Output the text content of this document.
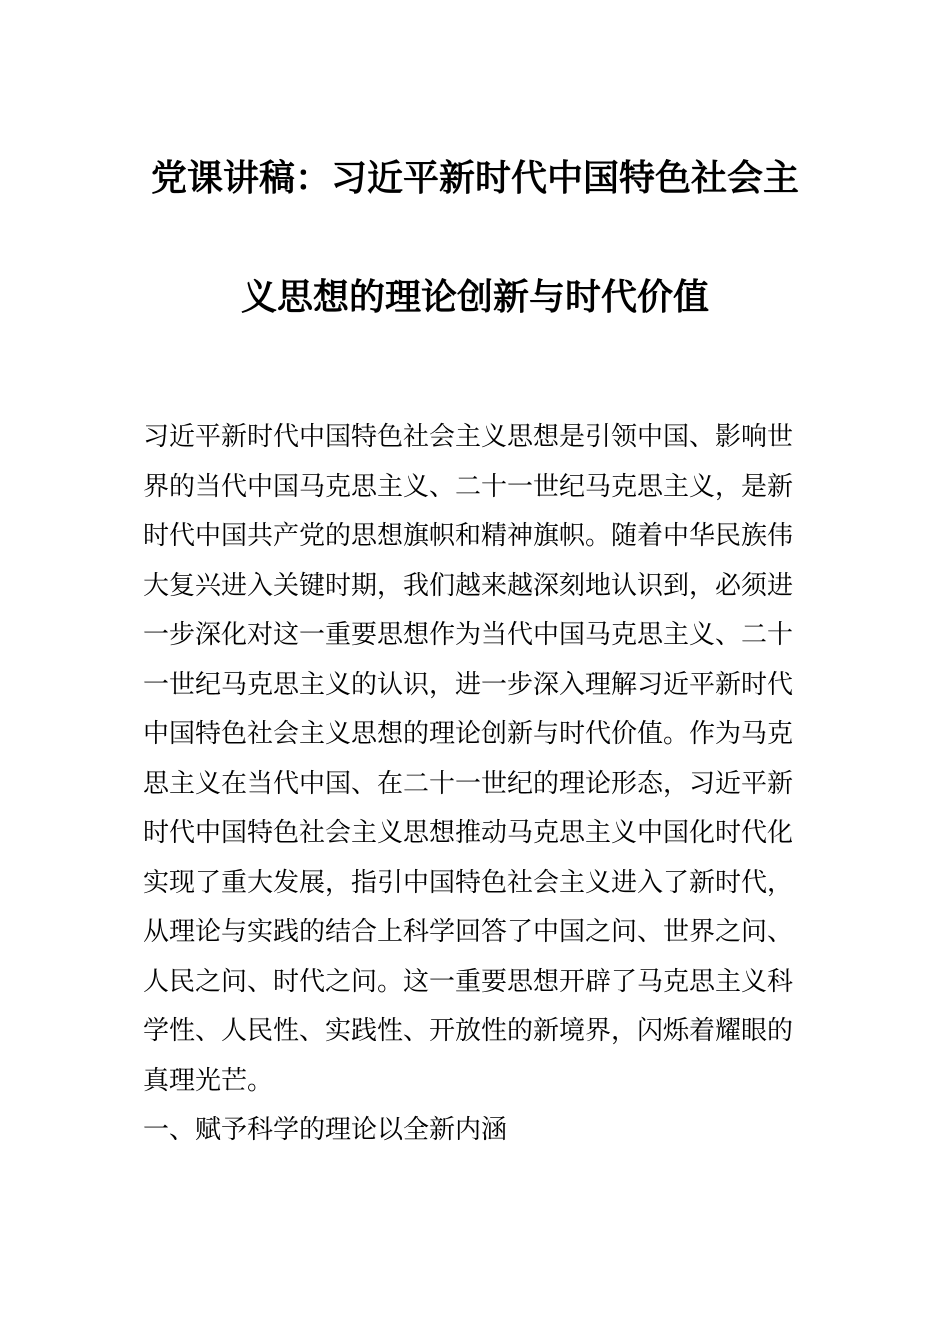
党课讲稿：习近平新时代中国特色社会主
义思想的理论创新与时代价值
习近平新时代中国特色社会主义思想是引领中国、影响世
界的当代中国马克思主义、二十一世纪马克思主义，是新
时代中国共产党的思想旗帜和精神旗帜。随着中华民族伟
大复兴进入关键时期，我们越来越深刻地认识到，必须进
一步深化对这一重要思想作为当代中国马克思主义、二十
一世纪马克思主义的认识，进一步深入理解习近平新时代
中国特色社会主义思想的理论创新与时代价值。作为马克
思主义在当代中国、在二十一世纪的理论形态，习近平新
时代中国特色社会主义思想推动马克思主义中国化时代化
实现了重大发展，指引中国特色社会主义进入了新时代，
从理论与实践的结合上科学回答了中国之问、世界之问、
人民之问、时代之问。这一重要思想开辟了马克思主义科
学性、人民性、实践性、开放性的新境界，闪烁着耀眼的
真理光芒。
一、赋予科学的理论以全新内涵
